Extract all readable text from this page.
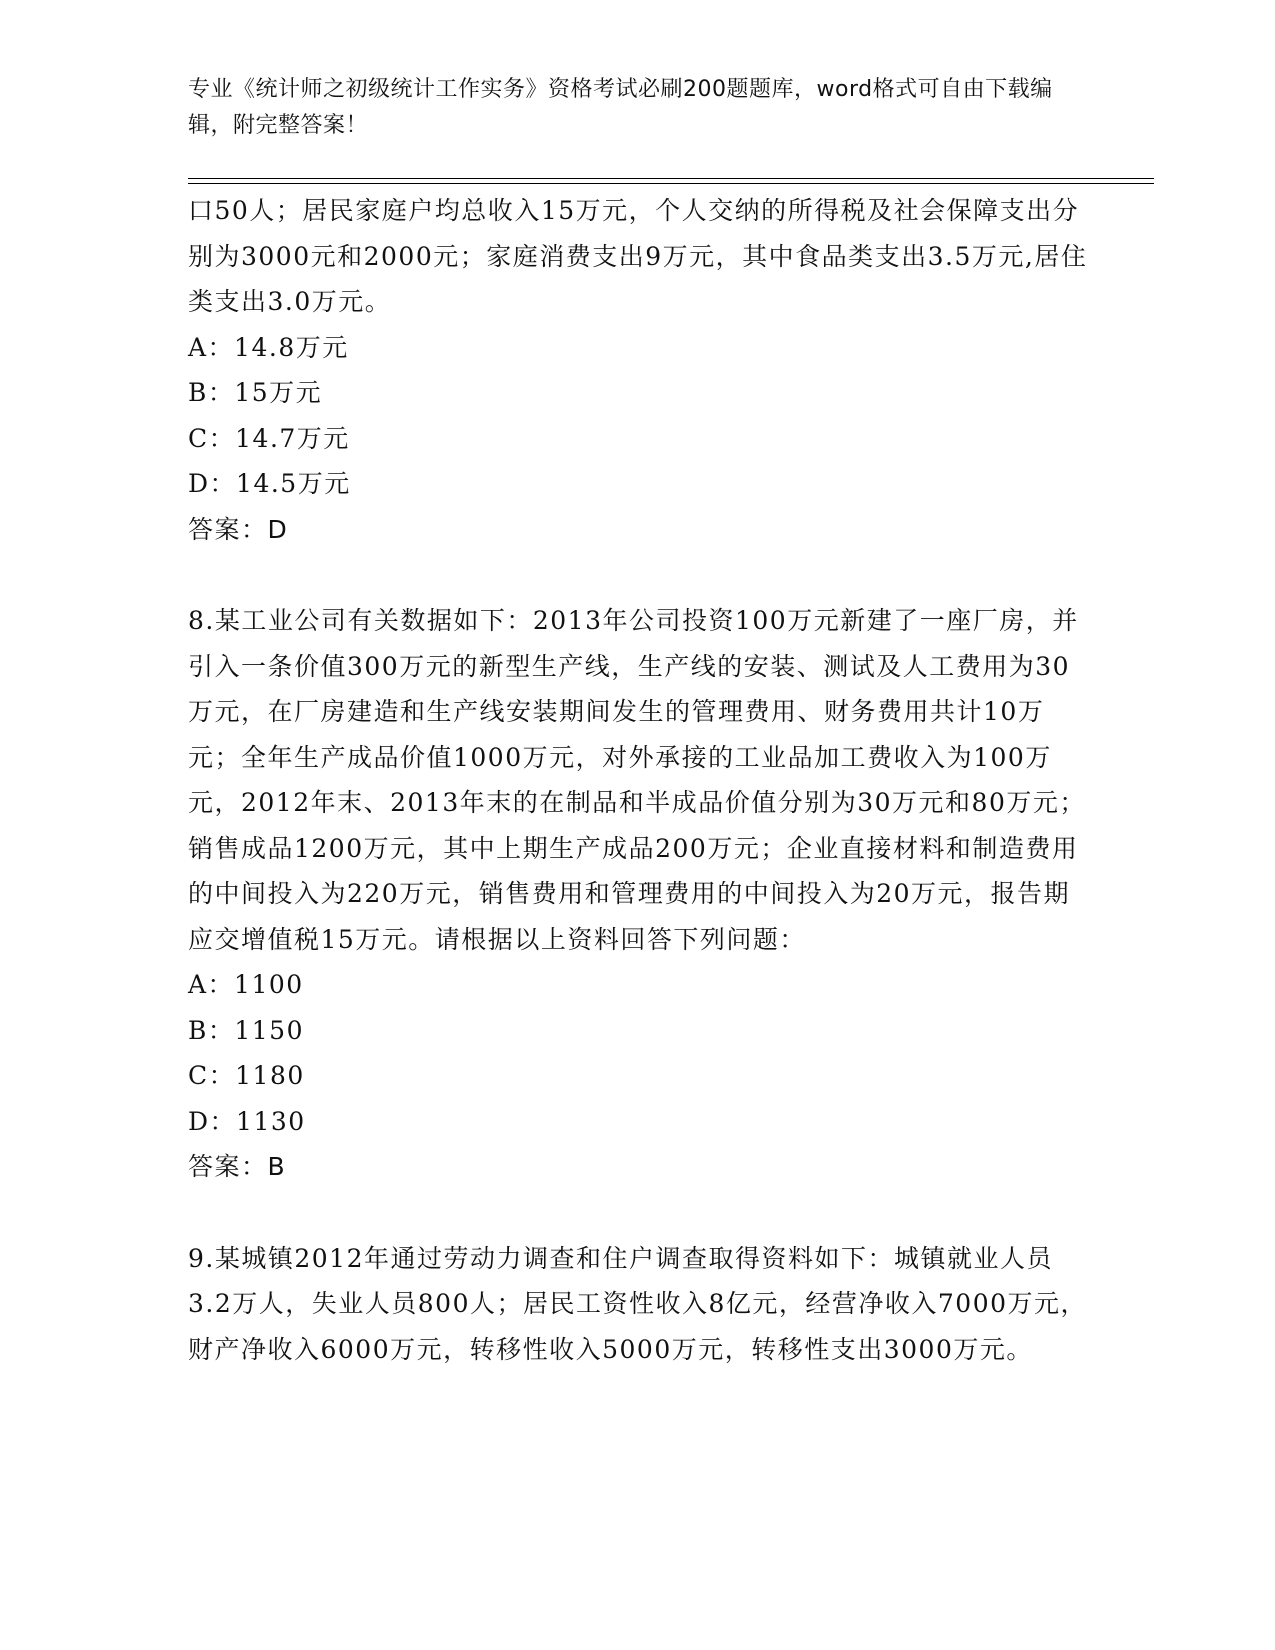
专业《统计师之初级统计工作实务》资格考试必刷200题题库，word格式可自由下载编辑，附完整答案！
口50人；居民家庭户均总收入15万元，个人交纳的所得税及社会保障支出分别为3000元和2000元；家庭消费支出9万元，其中食品类支出3.5万元,居住类支出3.0万元。
A：14.8万元
B：15万元
C：14.7万元
D：14.5万元
答案：D
8.某工业公司有关数据如下：2013年公司投资100万元新建了一座厂房，并引入一条价值300万元的新型生产线，生产线的安装、测试及人工费用为30万元，在厂房建造和生产线安装期间发生的管理费用、财务费用共计10万元；全年生产成品价值1000万元，对外承接的工业品加工费收入为100万元，2012年末、2013年末的在制品和半成品价值分别为30万元和80万元；销售成品1200万元，其中上期生产成品200万元；企业直接材料和制造费用的中间投入为220万元，销售费用和管理费用的中间投入为20万元，报告期应交增值税15万元。请根据以上资料回答下列问题：
A：1100
B：1150
C：1180
D：1130
答案：B
9.某城镇2012年通过劳动力调查和住户调查取得资料如下：城镇就业人员3.2万人，失业人员800人；居民工资性收入8亿元，经营净收入7000万元，财产净收入6000万元，转移性收入5000万元，转移性支出3000万元。
